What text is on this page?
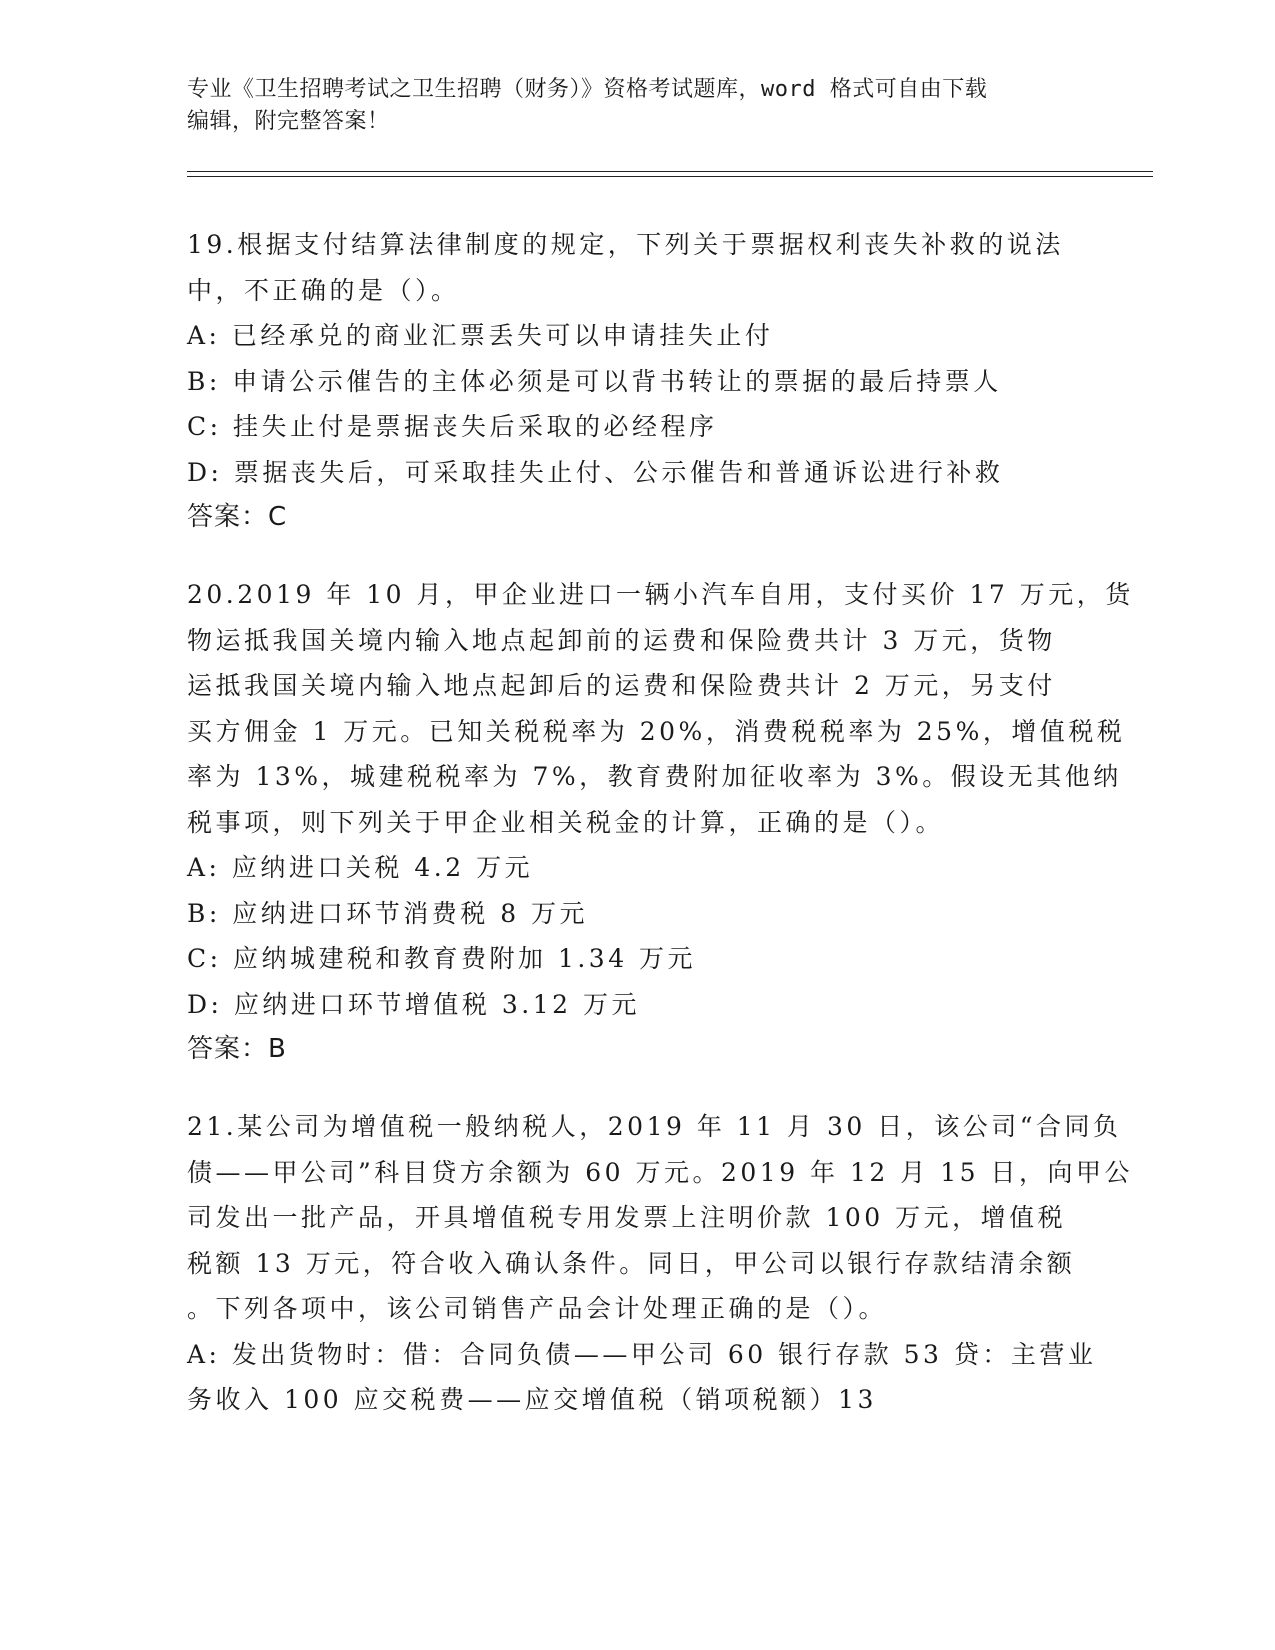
专业《卫生招聘考试之卫生招聘（财务）》资格考试题库，word 格式可自由下载

编辑，附完整答案！

19.根据支付结算法律制度的规定，下列关于票据权利丧失补救的说法

中，不正确的是（）。

A: 已经承兑的商业汇票丢失可以申请挂失止付

B: 申请公示催告的主体必须是可以背书转让的票据的最后持票人

C: 挂失止付是票据丧失后采取的必经程序

D: 票据丧失后，可采取挂失止付、公示催告和普通诉讼进行补救

答案：C

20.2019 年 10 月，甲企业进口一辆小汽车自用，支付买价 17 万元，货

物运抵我国关境内输入地点起卸前的运费和保险费共计 3 万元，货物

运抵我国关境内输入地点起卸后的运费和保险费共计 2 万元，另支付

买方佣金 1 万元。已知关税税率为 20%，消费税税率为 25%，增值税税

率为 13%，城建税税率为 7%，教育费附加征收率为 3%。假设无其他纳

税事项，则下列关于甲企业相关税金的计算，正确的是（）。

A: 应纳进口关税 4.2 万元

B: 应纳进口环节消费税 8 万元

C: 应纳城建税和教育费附加 1.34 万元

D: 应纳进口环节增值税 3.12 万元

答案：B

21.某公司为增值税一般纳税人，2019 年 11 月 30 日，该公司“合同负

债——甲公司”科目贷方余额为 60 万元。2019 年 12 月 15 日，向甲公

司发出一批产品，开具增值税专用发票上注明价款 100 万元，增值税

税额 13 万元，符合收入确认条件。同日，甲公司以银行存款结清余额

。下列各项中，该公司销售产品会计处理正确的是（）。

A: 发出货物时：借：合同负债——甲公司 60 银行存款 53 贷：主营业

务收入 100 应交税费——应交增值税（销项税额）13
